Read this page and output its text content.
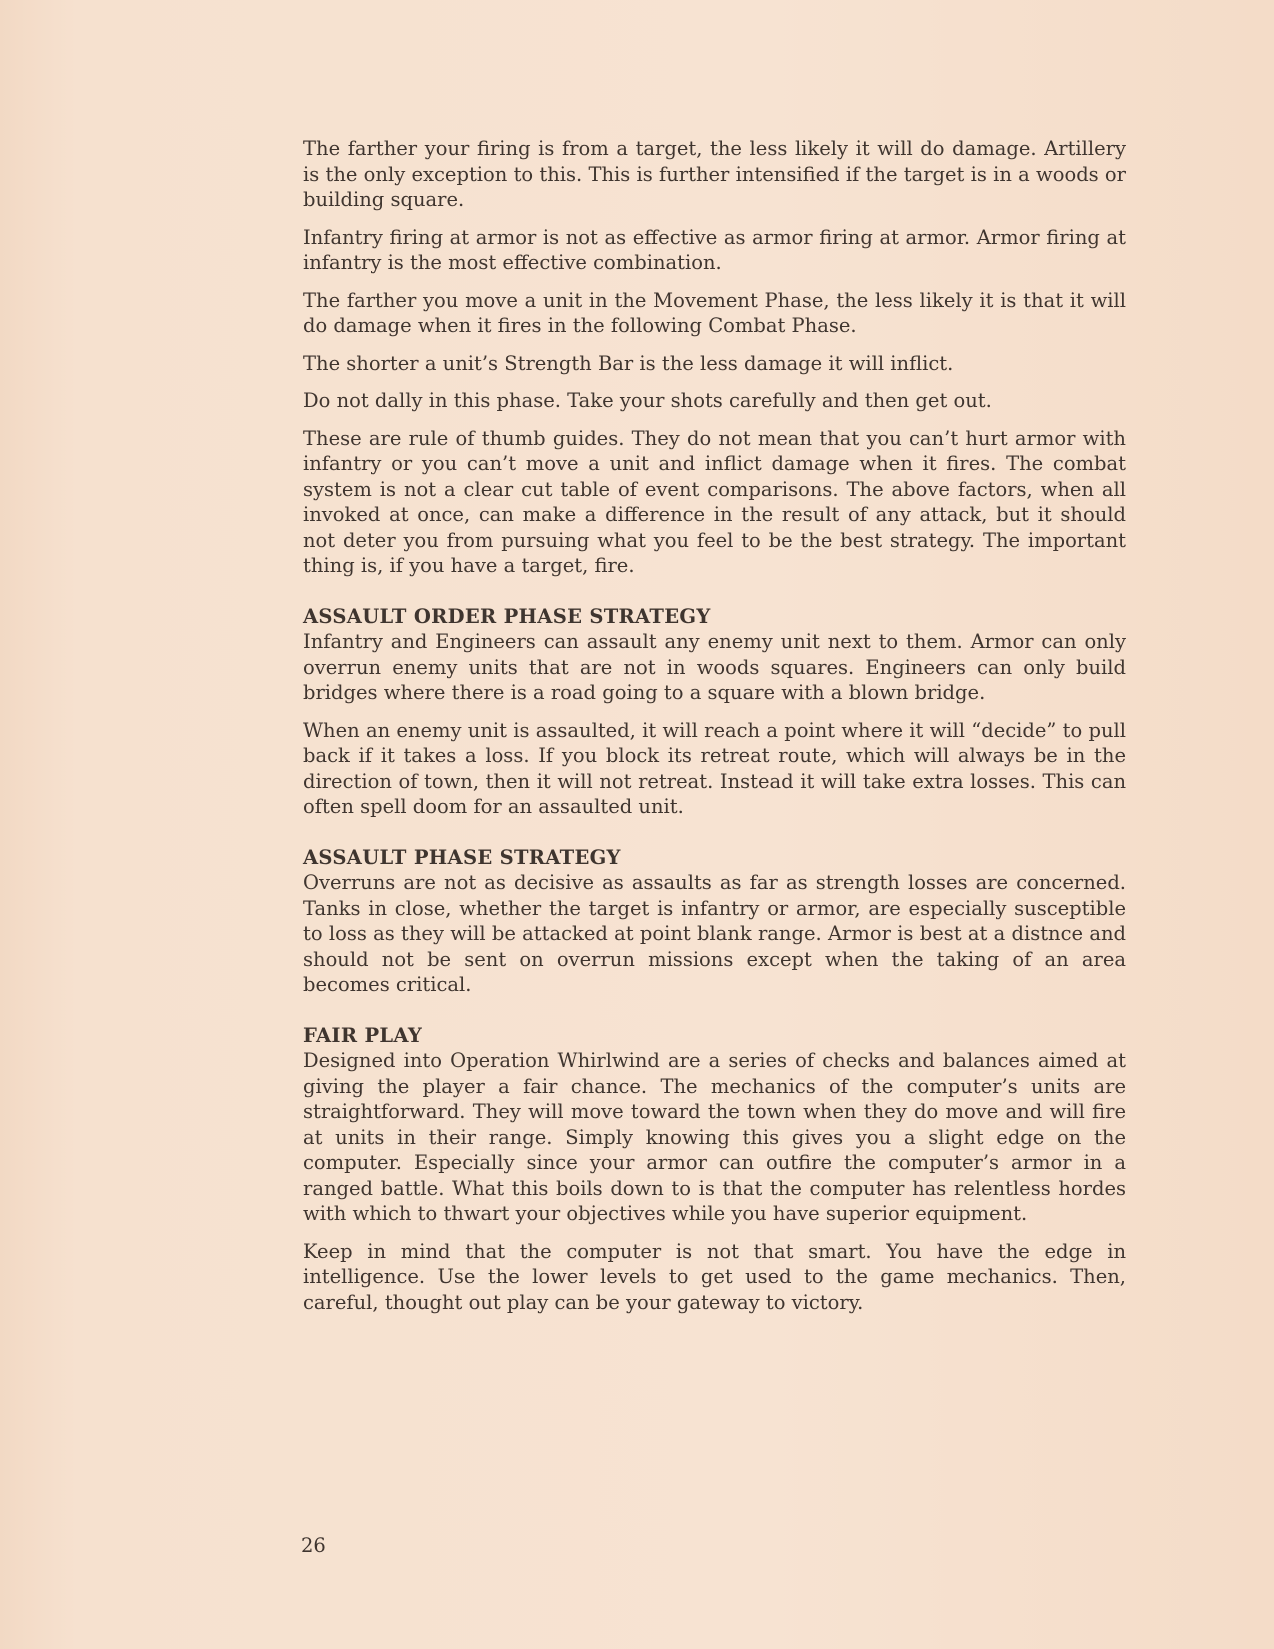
The farther your firing is from a target, the less likely it will do damage. Artillery is the only exception to this. This is further intensified if the target is in a woods or building square.

Infantry firing at armor is not as effective as armor firing at armor. Armor firing at infantry is the most effective combination.

The farther you move a unit in the Movement Phase, the less likely it is that it will do damage when it fires in the following Combat Phase.

The shorter a unit’s Strength Bar is the less damage it will inflict.

Do not dally in this phase. Take your shots carefully and then get out.

These are rule of thumb guides. They do not mean that you can’t hurt armor with infantry or you can’t move a unit and inflict damage when it fires. The combat system is not a clear cut table of event comparisons. The above factors, when all invoked at once, can make a difference in the result of any attack, but it should not deter you from pursuing what you feel to be the best strategy. The important thing is, if you have a target, fire.

ASSAULT ORDER PHASE STRATEGY

Infantry and Engineers can assault any enemy unit next to them. Armor can only overrun enemy units that are not in woods squares. Engineers can only build bridges where there is a road going to a square with a blown bridge.

When an enemy unit is assaulted, it will reach a point where it will “decide” to pull back if it takes a loss. If you block its retreat route, which will always be in the direction of town, then it will not retreat. Instead it will take extra losses. This can often spell doom for an assaulted unit.

ASSAULT PHASE STRATEGY

Overruns are not as decisive as assaults as far as strength losses are concerned. Tanks in close, whether the target is infantry or armor, are especially susceptible to loss as they will be attacked at point blank range. Armor is best at a distnce and should not be sent on overrun missions except when the taking of an area becomes critical.

FAIR PLAY

Designed into Operation Whirlwind are a series of checks and balances aimed at giving the player a fair chance. The mechanics of the computer’s units are straightforward. They will move toward the town when they do move and will fire at units in their range. Simply knowing this gives you a slight edge on the computer. Especially since your armor can outfire the computer’s armor in a ranged battle. What this boils down to is that the computer has relentless hordes with which to thwart your objectives while you have superior equipment.

Keep in mind that the computer is not that smart. You have the edge in intelligence. Use the lower levels to get used to the game mechanics. Then, careful, thought out play can be your gateway to victory.

26
